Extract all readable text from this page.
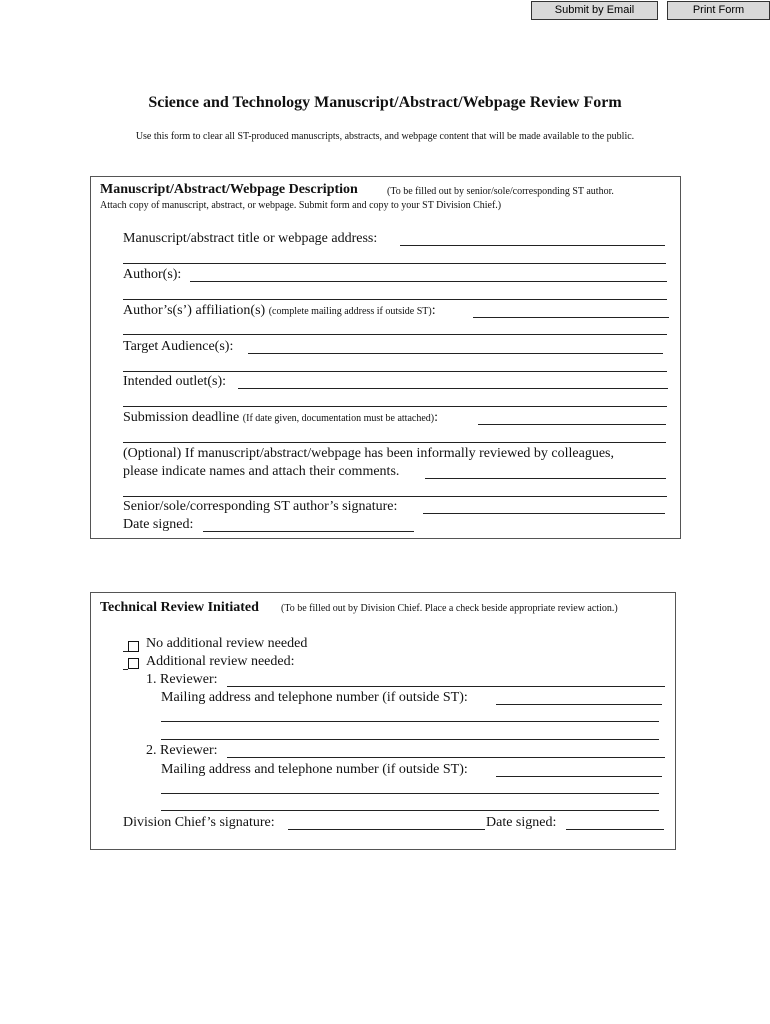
Submit by Email	Print Form
Science and Technology Manuscript/Abstract/Webpage Review Form
Use this form to clear all ST-produced manuscripts, abstracts, and webpage content that will be made available to the public.
Manuscript/Abstract/Webpage Description	(To be filled out by senior/sole/corresponding ST author.
Attach copy of manuscript, abstract, or webpage. Submit form and copy to your ST Division Chief.)
Manuscript/abstract title or webpage address:
Author(s):
Author’s(s’) affiliation(s) (complete mailing address if outside ST):
Target Audience(s):
Intended outlet(s):
Submission deadline (If date given, documentation must be attached):
(Optional) If manuscript/abstract/webpage has been informally reviewed by colleagues,
please indicate names and attach their comments.
Senior/sole/corresponding ST author’s signature:
Date signed:
Technical Review Initiated (To be filled out by Division Chief. Place a check beside appropriate review action.)
No additional review needed
Additional review needed:
1. Reviewer:
Mailing address and telephone number (if outside ST):
2. Reviewer:
Mailing address and telephone number (if outside ST):
Division Chief’s signature:	Date signed:
